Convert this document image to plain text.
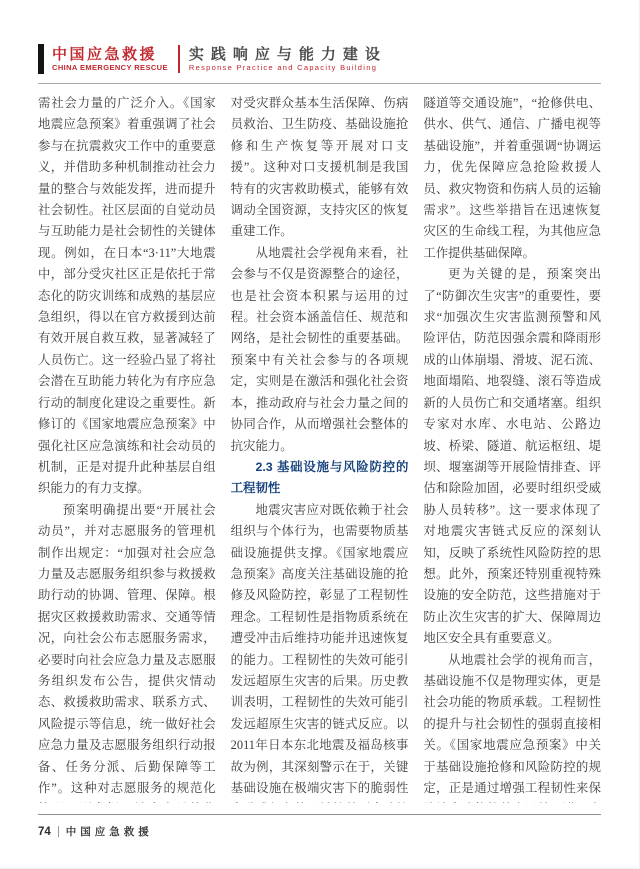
中国应急救援
CHINA EMERGENCY RESCUE
实践响应与能力建设
Response Practice and Capacity Building

需社会力量的广泛介入。《国家地震应急预案》着重强调了社会参与在抗震救灾工作中的重要意义，并借助多种机制推动社会力量的整合与效能发挥，进而提升社会韧性。社区层面的自觉动员与互助能力是社会韧性的关键体现。例如，在日本“3·11”大地震中，部分受灾社区正是依托于常态化的防灾训练和成熟的基层应急组织，得以在官方救援到达前有效开展自救互救，显著减轻了人员伤亡。这一经验凸显了将社会潜在互助能力转化为有序应急行动的制度化建设之重要性。新修订的《国家地震应急预案》中强化社区应急演练和社会动员的机制，正是对提升此种基层自组织能力的有力支撑。

预案明确提出要“开展社会动员”，并对志愿服务的管理机制作出规定：“加强对社会应急力量及志愿服务组织参与救援救助行动的协调、管理、保障。根据灾区救援救助需求、交通等情况，向社会公布志愿服务需求，必要时向社会应急力量及志愿服务组织发布公告，提供灾情动态、救援救助需求、联系方式、风险提示等信息，统一做好社会应急力量及志愿服务组织行动报备、任务分派、后勤保障等工作”。这种对志愿服务的规范化

对受灾群众基本生活保障、伤病员救治、卫生防疫、基础设施抢修和生产恢复等开展对口支援”。这种对口支援机制是我国特有的灾害救助模式，能够有效调动全国资源，支持灾区的恢复重建工作。

从地震社会学视角来看，社会参与不仅是资源整合的途径，也是社会资本积累与运用的过程。社会资本涵盖信任、规范和网络，是社会韧性的重要基础。预案中有关社会参与的各项规定，实则是在激活和强化社会资本，推动政府与社会力量之间的协同合作，从而增强社会整体的抗灾能力。

2.3 基础设施与风险防控的工程韧性

地震灾害应对既依赖于社会组织与个体行为，也需要物质基础设施提供支撑。《国家地震应急预案》高度关注基础设施的抢修及风险防控，彰显了工程韧性理念。工程韧性是指物质系统在遭受冲击后维持功能并迅速恢复的能力。工程韧性的失效可能引发远超原生灾害的后果。历史教训表明，工程韧性的失效可能引发远超原生灾害的链式反应。以2011年日本东北地震及福岛核事故为例，其深刻警示在于，关键基础设施在极端灾害下的脆弱性

隧道等交通设施”，“抢修供电、供水、供气、通信、广播电视等基础设施”，并着重强调“协调运力，优先保障应急抢险救援人员、救灾物资和伤病人员的运输需求”。这些举措旨在迅速恢复灾区的生命线工程，为其他应急工作提供基础保障。

更为关键的是，预案突出了“防御次生灾害”的重要性，要求“加强次生灾害监测预警和风险评估，防范因强余震和降雨形成的山体崩塌、滑坡、泥石流、地面塌陷、地裂缝、滚石等造成新的人员伤亡和交通堵塞。组织专家对水库、水电站、公路边坡、桥梁、隧道、航运枢纽、堤坝、堰塞湖等开展险情排查、评估和除险加固，必要时组织受威胁人员转移”。这一要求体现了对地震灾害链式反应的深刻认知，反映了系统性风险防控的思想。此外，预案还特别重视特殊设施的安全防范，这些措施对于防止次生灾害的扩大、保障周边地区安全具有重要意义。

从地震社会学的视角而言，基础设施不仅是物理实体，更是社会功能的物质承载。工程韧性的提升与社会韧性的强弱直接相关。《国家地震应急预案》中关于基础设施抢修和风险防控的规定，正是通过增强工程韧性来保

74 中国应急救援
